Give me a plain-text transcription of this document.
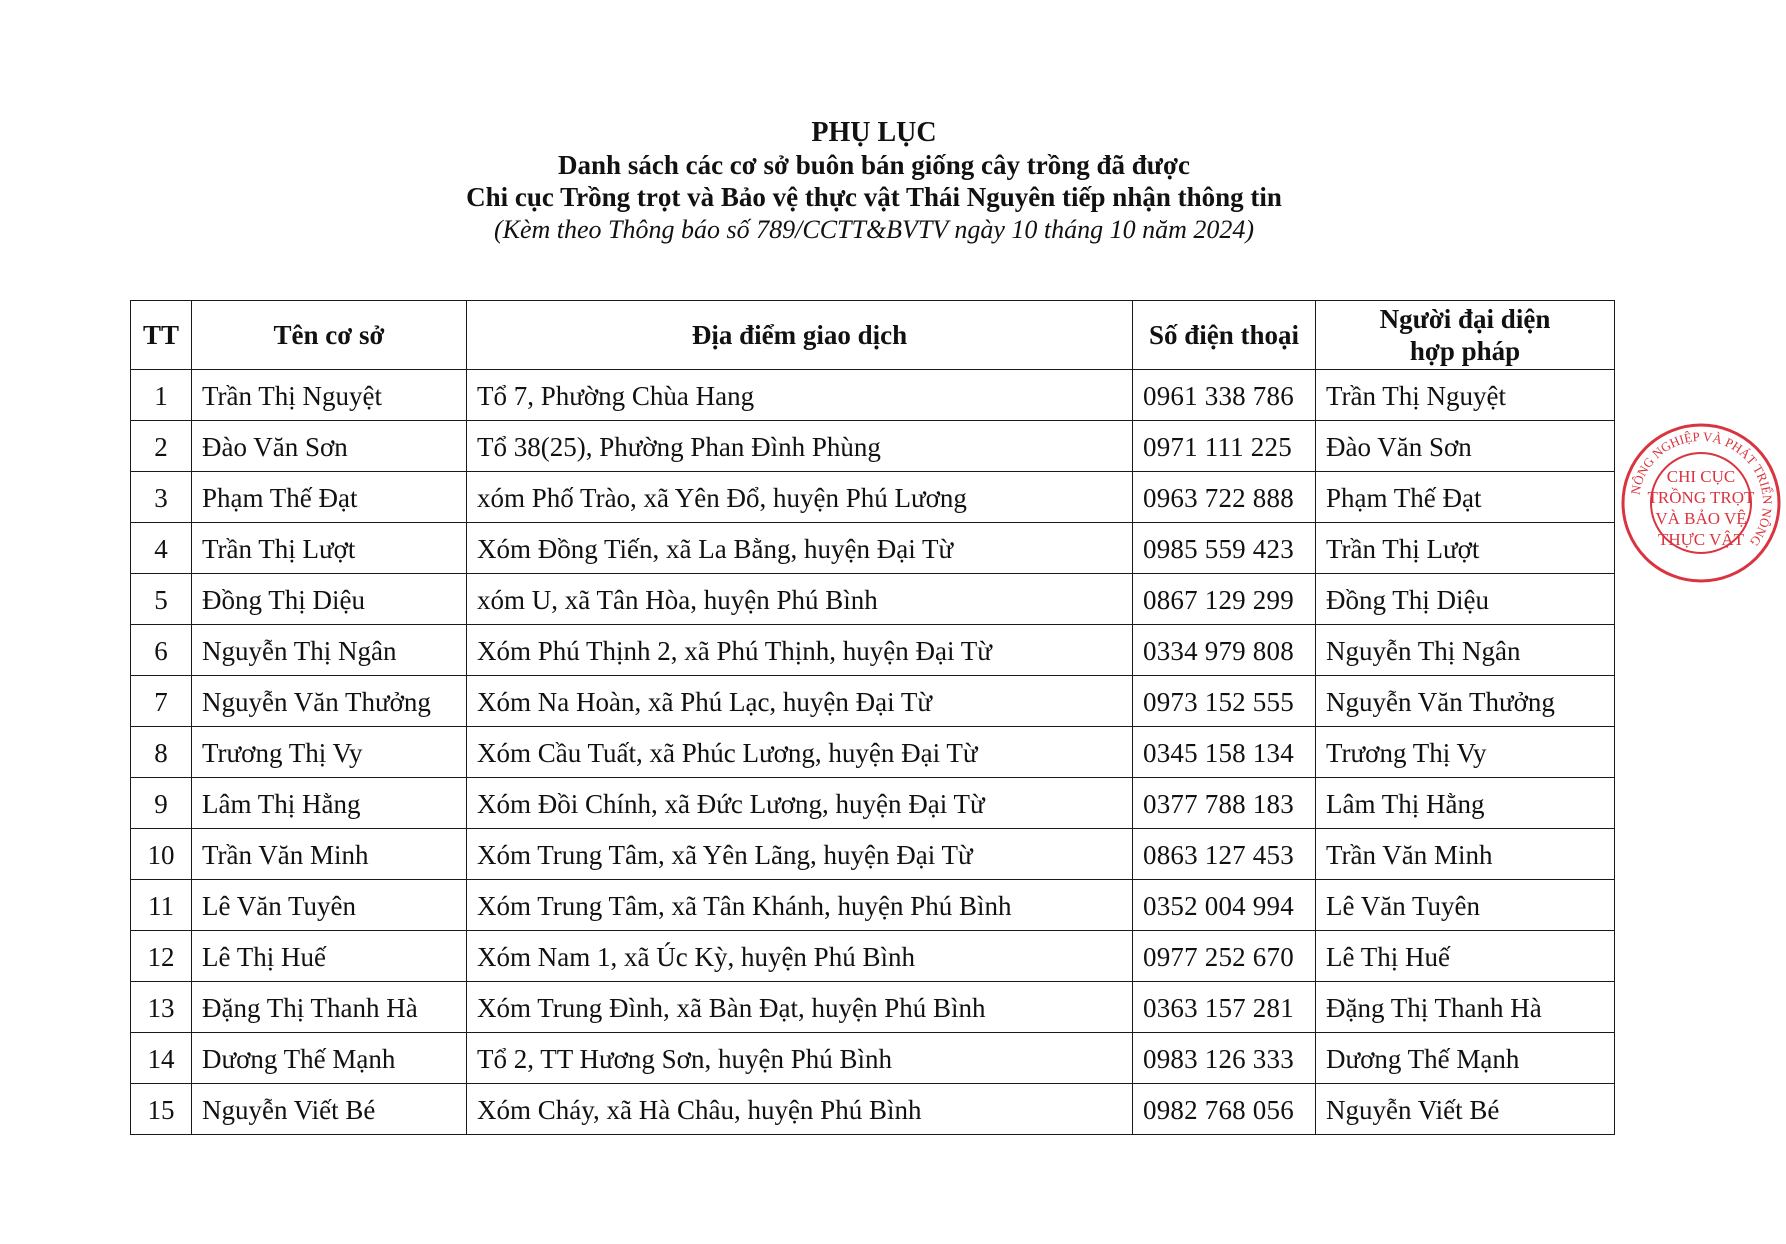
PHỤ LỤC
Danh sách các cơ sở buôn bán giống cây trồng đã được
Chi cục Trồng trọt và Bảo vệ thực vật Thái Nguyên tiếp nhận thông tin
(Kèm theo Thông báo số 789/CCTT&BVTV ngày 10 tháng 10 năm 2024)
TT	Tên cơ sở	Địa điểm giao dịch	Số điện thoại	Người đại diện
hợp pháp
1	Trần Thị Nguyệt	Tổ 7, Phường Chùa Hang	0961 338 786	Trần Thị Nguyệt
2	Đào Văn Sơn	Tổ 38(25), Phường Phan Đình Phùng	0971 111 225	Đào Văn Sơn
3	Phạm Thế Đạt	xóm Phố Trào, xã Yên Đổ, huyện Phú Lương	0963 722 888	Phạm Thế Đạt
4	Trần Thị Lượt	Xóm Đồng Tiến, xã La Bằng, huyện Đại Từ	0985 559 423	Trần Thị Lượt
5	Đồng Thị Diệu	xóm U, xã Tân Hòa, huyện Phú Bình	0867 129 299	Đồng Thị Diệu
6	Nguyễn Thị Ngân	Xóm Phú Thịnh 2, xã Phú Thịnh, huyện Đại Từ	0334 979 808	Nguyễn Thị Ngân
7	Nguyễn Văn Thưởng	Xóm Na Hoàn, xã Phú Lạc, huyện Đại Từ	0973 152 555	Nguyễn Văn Thưởng
8	Trương Thị Vy	Xóm Cầu Tuất, xã Phúc Lương, huyện Đại Từ	0345 158 134	Trương Thị Vy
9	Lâm Thị Hằng	Xóm Đồi Chính, xã Đức Lương, huyện Đại Từ	0377 788 183	Lâm Thị Hằng
10	Trần Văn Minh	Xóm Trung Tâm, xã Yên Lãng, huyện Đại Từ	0863 127 453	Trần Văn Minh
11	Lê Văn Tuyên	Xóm Trung Tâm, xã Tân Khánh, huyện Phú Bình	0352 004 994	Lê Văn Tuyên
12	Lê Thị Huế	Xóm Nam 1, xã Úc Kỳ, huyện Phú Bình	0977 252 670	Lê Thị Huế
13	Đặng Thị Thanh Hà	Xóm Trung Đình, xã Bàn Đạt, huyện Phú Bình	0363 157 281	Đặng Thị Thanh Hà
14	Dương Thế Mạnh	Tổ 2, TT Hương Sơn, huyện Phú Bình	0983 126 333	Dương Thế Mạnh
15	Nguyễn Viết Bé	Xóm Cháy, xã Hà Châu, huyện Phú Bình	0982 768 056	Nguyễn Viết Bé
NÔNG NGHIỆP VÀ PHÁT TRIỂN NÔNG
CHI CỤC
TRỒNG TRỌT
VÀ BẢO VỆ
THỰC VẬT
